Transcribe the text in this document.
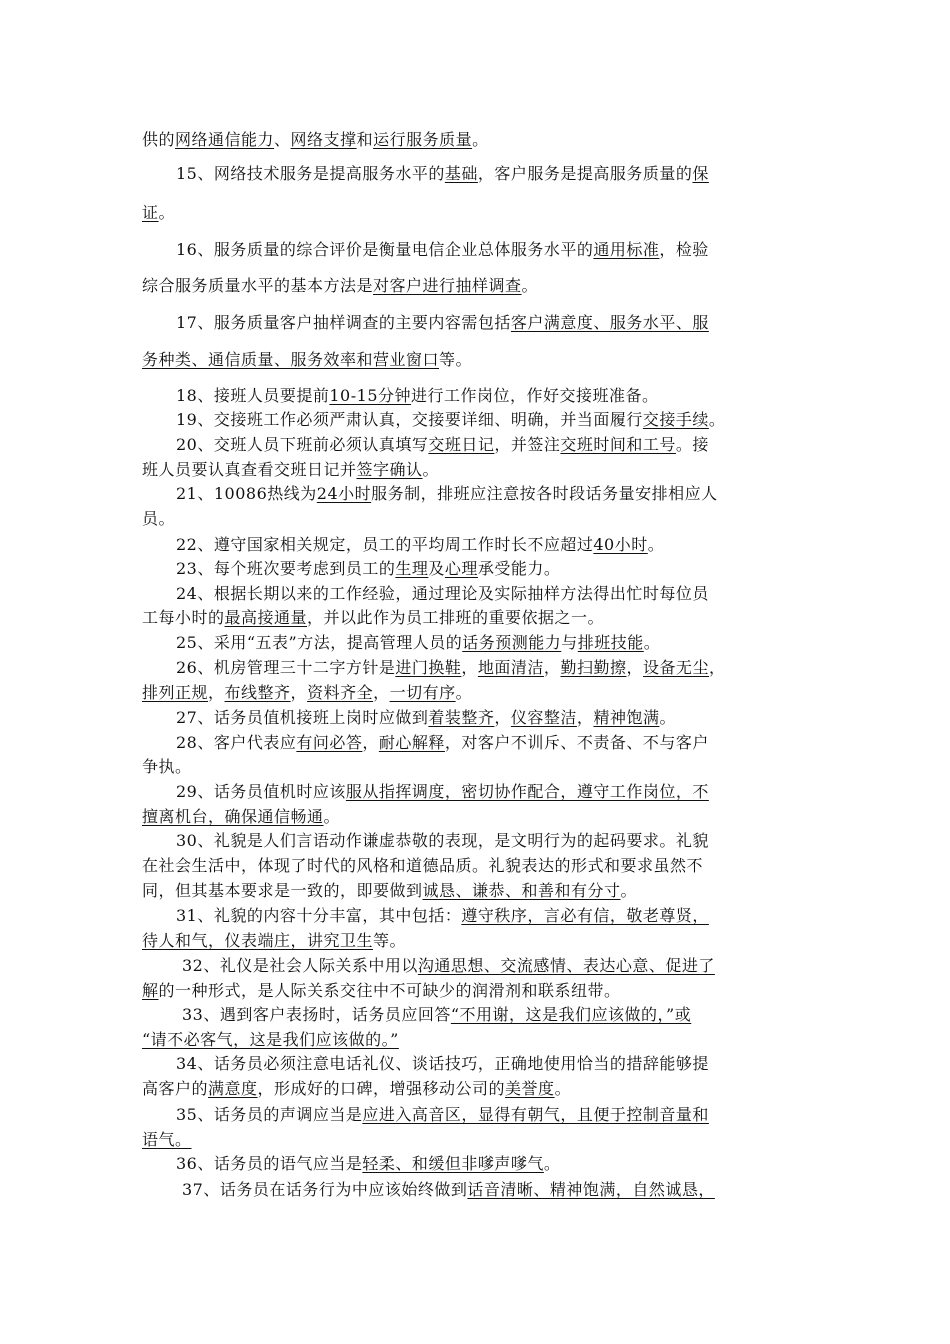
供的网络通信能力、网络支撑和运行服务质量。
15、网络技术服务是提高服务水平的基础，客户服务是提高服务质量的保
证。
16、服务质量的综合评价是衡量电信企业总体服务水平的通用标准，检验
综合服务质量水平的基本方法是对客户进行抽样调查。
17、服务质量客户抽样调查的主要内容需包括客户满意度、服务水平、服
务种类、通信质量、服务效率和营业窗口等。
18、接班人员要提前10-15分钟进行工作岗位，作好交接班准备。
19、交接班工作必须严肃认真，交接要详细、明确，并当面履行交接手续。
20、交班人员下班前必须认真填写交班日记，并签注交班时间和工号。接
班人员要认真查看交班日记并签字确认。
21、10086热线为24小时服务制，排班应注意按各时段话务量安排相应人
员。
22、遵守国家相关规定，员工的平均周工作时长不应超过40小时。
23、每个班次要考虑到员工的生理及心理承受能力。
24、根据长期以来的工作经验，通过理论及实际抽样方法得出忙时每位员
工每小时的最高接通量，并以此作为员工排班的重要依据之一。
25、采用“五表”方法，提高管理人员的话务预测能力与排班技能。
26、机房管理三十二字方针是进门换鞋，地面清洁，勤扫勤擦，设备无尘，
排列正规，布线整齐，资料齐全，一切有序。
27、话务员值机接班上岗时应做到着装整齐，仪容整洁，精神饱满。
28、客户代表应有问必答，耐心解释，对客户不训斥、不责备、不与客户
争执。
29、话务员值机时应该服从指挥调度，密切协作配合，遵守工作岗位，不
擅离机台，确保通信畅通。
30、礼貌是人们言语动作谦虚恭敬的表现，是文明行为的起码要求。礼貌
在社会生活中，体现了时代的风格和道德品质。礼貌表达的形式和要求虽然不
同，但其基本要求是一致的，即要做到诚恳、谦恭、和善和有分寸。
31、礼貌的内容十分丰富，其中包括：遵守秩序，言必有信，敬老尊贤，
待人和气，仪表端庄，讲究卫生等。
32、礼仪是社会人际关系中用以沟通思想、交流感情、表达心意、促进了
解的一种形式，是人际关系交往中不可缺少的润滑剂和联系纽带。
33、遇到客户表扬时，话务员应回答“不用谢，这是我们应该做的，”或
“请不必客气，这是我们应该做的。”
34、话务员必须注意电话礼仪、谈话技巧，正确地使用恰当的措辞能够提
高客户的满意度，形成好的口碑，增强移动公司的美誉度。
35、话务员的声调应当是应进入高音区，显得有朝气，且便于控制音量和
语气。
36、话务员的语气应当是轻柔、和缓但非嗲声嗲气。
37、话务员在话务行为中应该始终做到话音清晰、精神饱满，自然诚恳，
